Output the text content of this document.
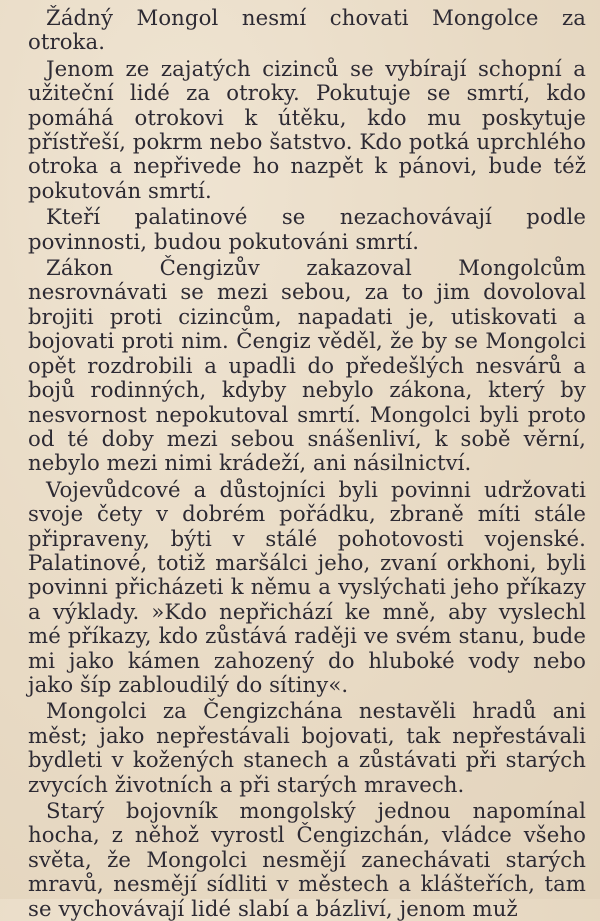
Žádný Mongol nesmí chovati Mongolce za otroka.

Jenom ze zajatých cizinců se vybírají schopní a užiteční lidé za otroky. Pokutuje se smrtí, kdo pomáhá otrokovi k útěku, kdo mu poskytuje přístřeší, pokrm nebo šatstvo. Kdo potká uprchlého otroka a nepřivede ho nazpět k pánovi, bude též pokutován smrtí.

Kteří palatinové se nezachovávají podle povinnosti, budou pokutováni smrtí.

Zákon Čengizův zakazoval Mongolcům nesrovnávati se mezi sebou, za to jim dovoloval brojiti proti cizincům, napadati je, utiskovati a bojovati proti nim. Čengiz věděl, že by se Mongolci opět rozdrobili a upadli do předešlých nesvárů a bojů rodinných, kdyby nebylo zákona, který by nesvornost nepokutoval smrtí. Mongolci byli proto od té doby mezi sebou snášenliví, k sobě věrní, nebylo mezi nimi krádeží, ani násilnictví.

Vojevůdcové a důstojníci byli povinni udržovati svoje čety v dobrém pořádku, zbraně míti stále připraveny, býti v stálé pohotovosti vojenské. Palatinové, totiž maršálci jeho, zvaní orkhoni, byli povinni přicházeti k němu a vyslýchati jeho příkazy a výklady. »Kdo nepřichází ke mně, aby vyslechl mé příkazy, kdo zůstává raději ve svém stanu, bude mi jako kámen zahozený do hluboké vody nebo jako šíp zabloudilý do sítiny«.

Mongolci za Čengizchána nestavěli hradů ani měst; jako nepřestávali bojovati, tak nepřestávali bydleti v kožených stanech a zůstávati při starých zvycích životních a při starých mravech.

Starý bojovník mongolský jednou napomínal hocha, z něhož vyrostl Čengizchán, vládce všeho světa, že Mongolci nesmějí zanechávati starých mravů, nesmějí sídliti v městech a klášteřích, tam se vychovávají lidé slabí a bázliví, jenom muž
